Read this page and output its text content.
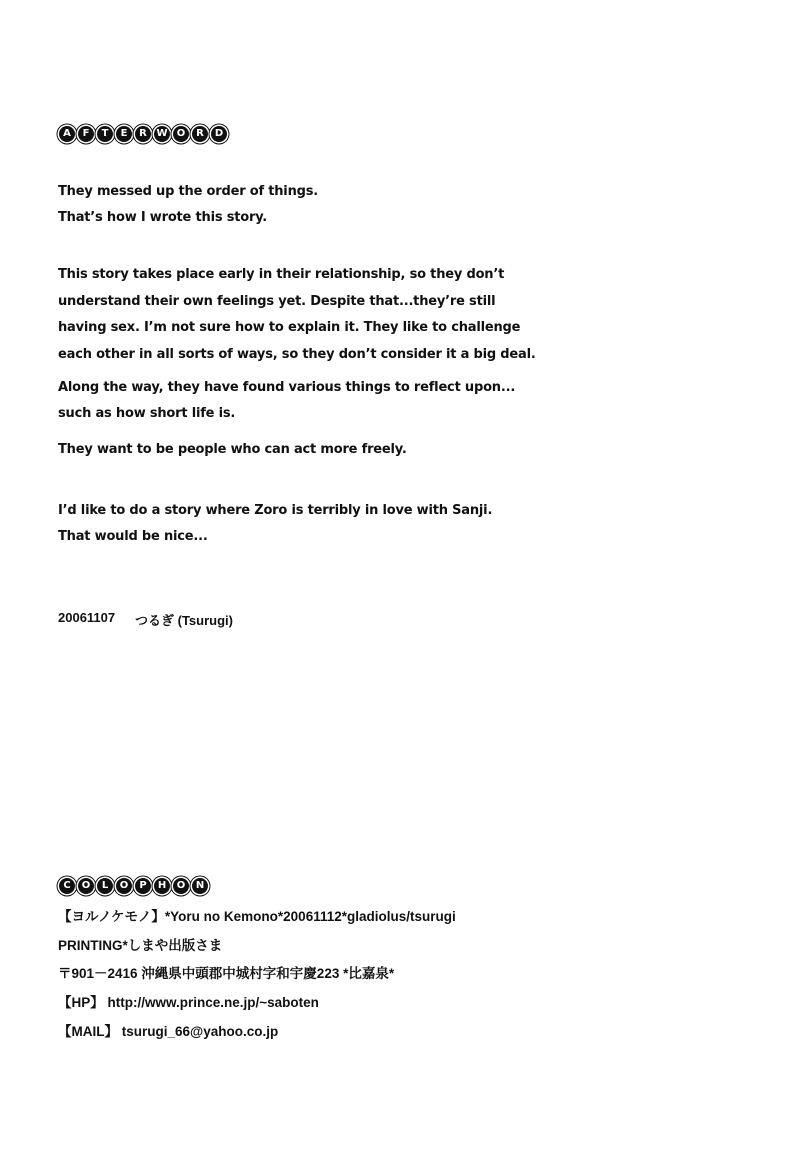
A	F	T	E	R W O	R	D
They messed up the order of things.
That’s how I wrote this story.
This story takes place early in their relationship, so they don’t
understand their own feelings yet. Despite that...they’re still
having sex. I’m not sure how to explain it. They like to challenge
each other in all sorts of ways, so they don’t consider it a big deal.
Along the way, they have found various things to reflect upon...
such as how short life is.
They want to be people who can act more freely.
I’d like to do a story where Zoro is terribly in love with Sanji.
That would be nice...
20061107 つるぎ (Tsurugi)
C	O	L	O	P	H	O	N
【ヨルノケモノ】*Yoru no Kemono*20061112*gladiolus/tsurugi
PRINTING*しまや出版さま
〒901－2416 沖縄県中頭郡中城村字和宇慶223 *比嘉泉*
【HP】 http://www.prince.ne.jp/~saboten
【MAIL】 tsurugi_66@yahoo.co.jp
